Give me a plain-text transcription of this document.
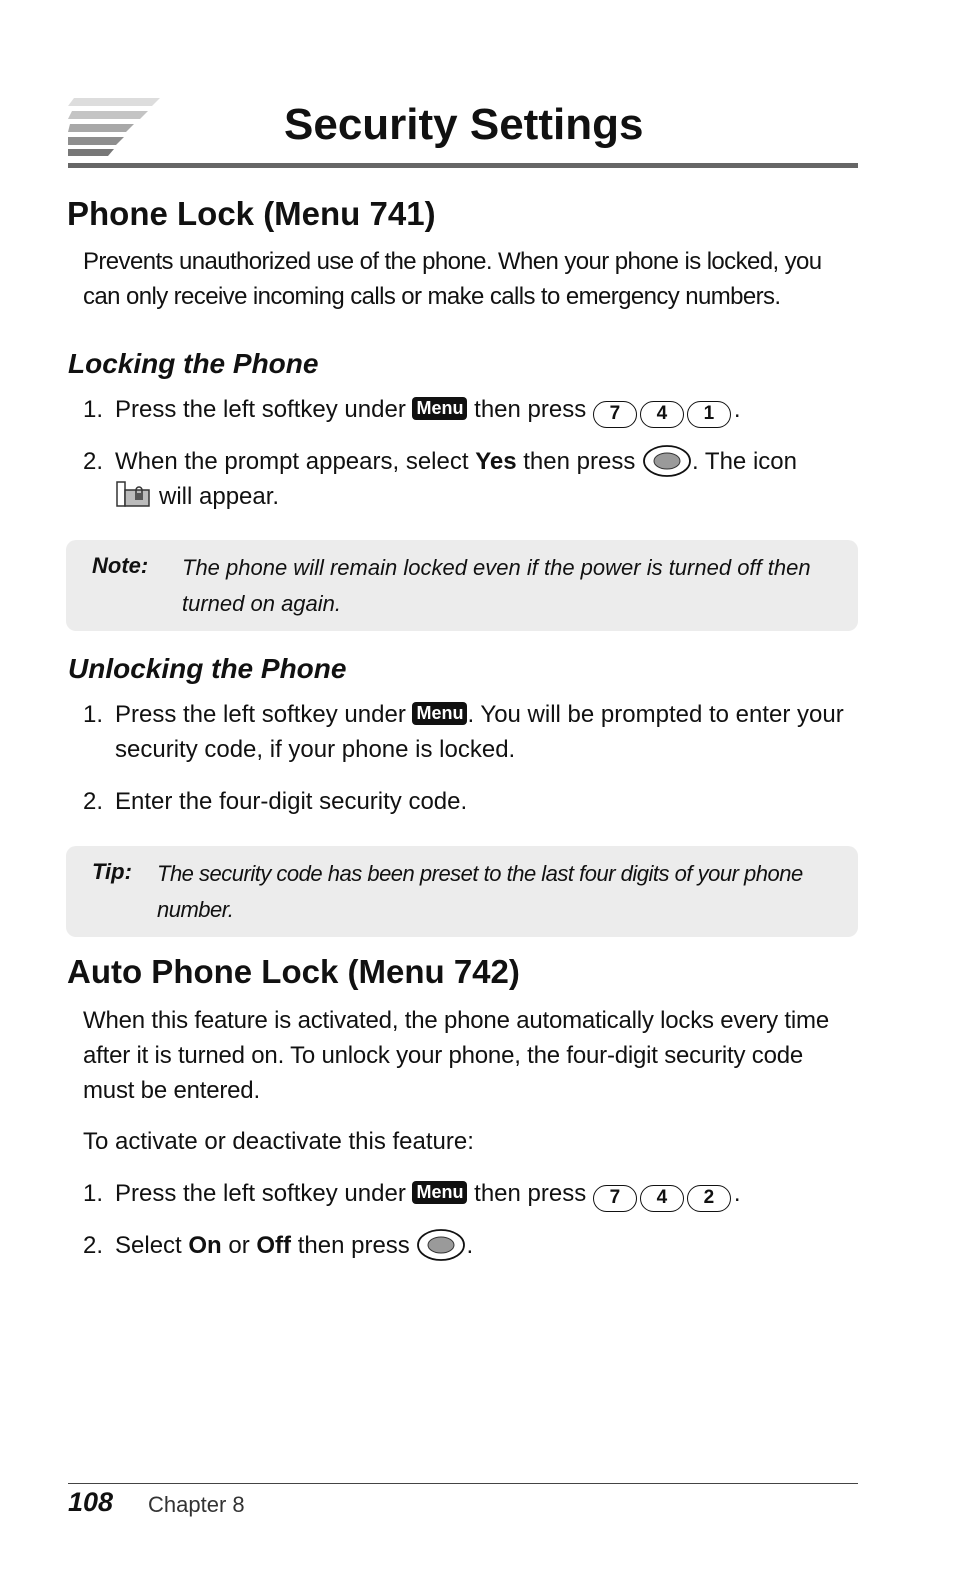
Security Settings
Phone Lock (Menu 741)
Prevents unauthorized use of the phone. When your phone is locked, you can only receive incoming calls or make calls to emergency numbers.
Locking the Phone
1. Press the left softkey under Menu then press 7 4 1 .
2. When the prompt appears, select Yes then press . The icon
will appear.
Note: The phone will remain locked even if the power is turned off then turned on again.
Unlocking the Phone
1. Press the left softkey under Menu . You will be prompted to enter your security code, if your phone is locked.
2. Enter the four-digit security code.
Tip: The security code has been preset to the last four digits of your phone number.
Auto Phone Lock (Menu 742)
When this feature is activated, the phone automatically locks every time after it is turned on. To unlock your phone, the four-digit security code must be entered.
To activate or deactivate this feature:
1. Press the left softkey under Menu then press 7 4 2 .
2. Select On or Off then press .
108 Chapter 8
